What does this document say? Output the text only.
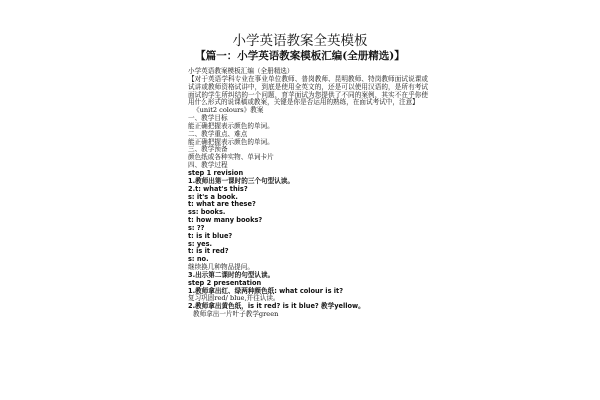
小学英语教案全英模板
【篇一：小学英语教案模板汇编(全册精选)】
小学英语教案模板汇编（全册精选）
【对于英语学科专业在事业单位教师、普岗教师、昆明教师、特岗教师面试说课或试讲或教师资格试讲中，到底是使用全英文的，还是可以使用汉语的，是所有考试面试的学生所纠结的一个问题，育苹面试为您提供了不同的案例，其实不在乎你使用什么形式的说课稿或教案，关键是你是否运用的熟练，在面试考试中，注意】
《unit2 colours》教案
一、教学目标
能正确把握表示颜色的单词。
二、教学重点、难点
能正确把握表示颜色的单词。
三、教学预备
颜色纸或各种实物、单词卡片
四、教学过程
step 1 revision
1.教师出第一课时的三个句型认读。
2.t: what's this?
s: it's a book.
t: what are these?
ss: books.
t: how many books?
s: ??
t: is it blue?
s: yes.
t: is it red?
s: no.
继续换几种物品提问。
3.出示第二课时的句型认读。
step 2 presentation
1.教师拿出红、绿两种颜色纸: what colour is it?
复习巩固red/ blue,并往认读。
2.教师拿出黄色纸，is it red? is it blue? 教学yellow。
教师拿出一片叶子教学green
